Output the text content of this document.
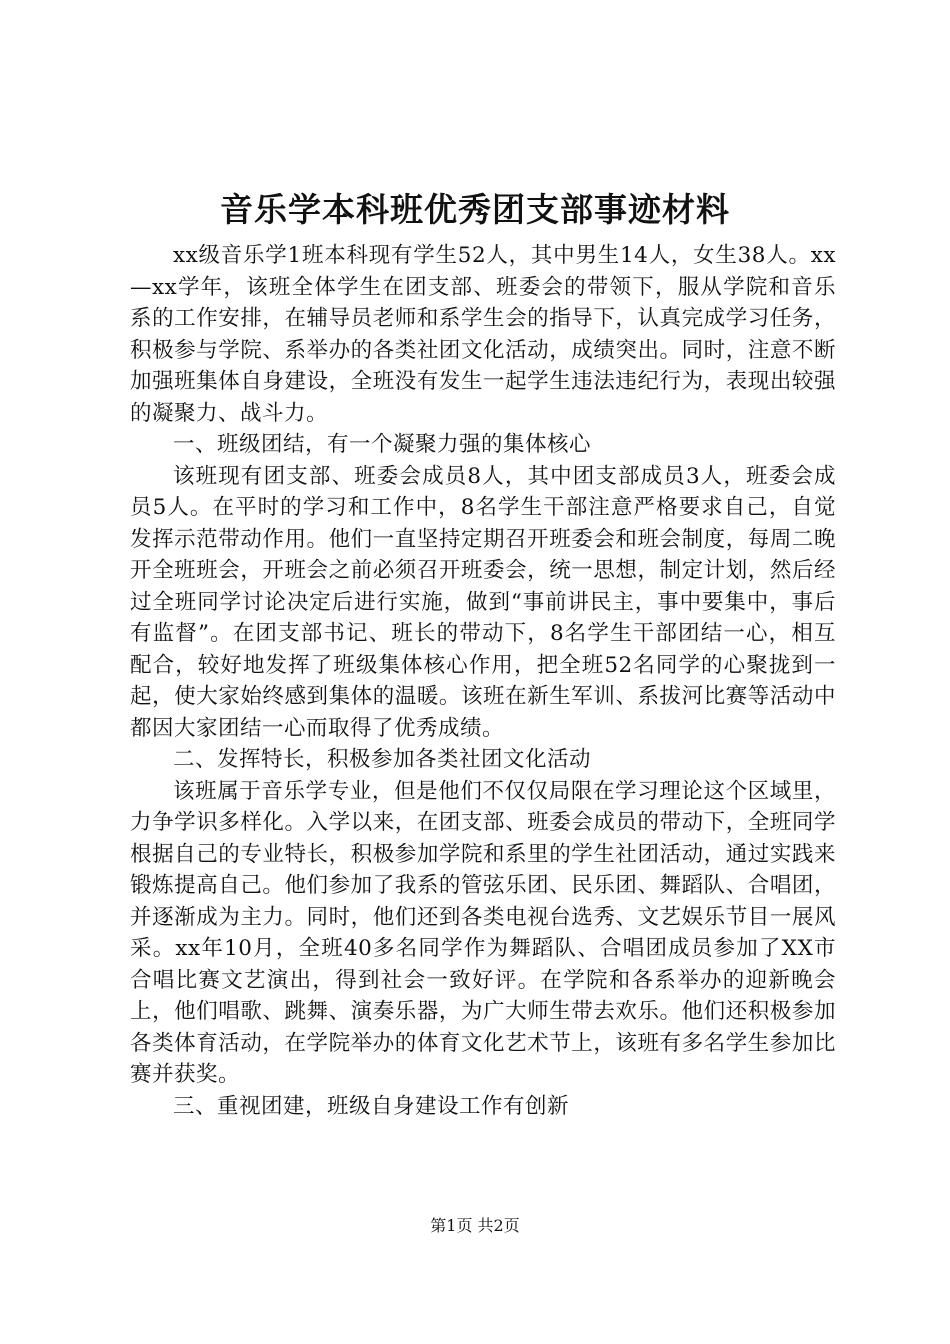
音乐学本科班优秀团支部事迹材料

xx级音乐学1班本科现有学生52人，其中男生14人，女生38人。xx—xx学年，该班全体学生在团支部、班委会的带领下，服从学院和音乐系的工作安排，在辅导员老师和系学生会的指导下，认真完成学习任务，积极参与学院、系举办的各类社团文化活动，成绩突出。同时，注意不断加强班集体自身建设，全班没有发生一起学生违法违纪行为，表现出较强的凝聚力、战斗力。

一、班级团结，有一个凝聚力强的集体核心

该班现有团支部、班委会成员8人，其中团支部成员3人，班委会成员5人。在平时的学习和工作中，8名学生干部注意严格要求自己，自觉发挥示范带动作用。他们一直坚持定期召开班委会和班会制度，每周二晚开全班班会，开班会之前必须召开班委会，统一思想，制定计划，然后经过全班同学讨论决定后进行实施，做到“事前讲民主，事中要集中，事后有监督”。在团支部书记、班长的带动下，8名学生干部团结一心，相互配合，较好地发挥了班级集体核心作用，把全班52名同学的心聚拢到一起，使大家始终感到集体的温暖。该班在新生军训、系拔河比赛等活动中都因大家团结一心而取得了优秀成绩。

二、发挥特长，积极参加各类社团文化活动

该班属于音乐学专业，但是他们不仅仅局限在学习理论这个区域里，力争学识多样化。入学以来，在团支部、班委会成员的带动下，全班同学根据自己的专业特长，积极参加学院和系里的学生社团活动，通过实践来锻炼提高自己。他们参加了我系的管弦乐团、民乐团、舞蹈队、合唱团，并逐渐成为主力。同时，他们还到各类电视台选秀、文艺娱乐节目一展风采。xx年10月，全班40多名同学作为舞蹈队、合唱团成员参加了XX市合唱比赛文艺演出，得到社会一致好评。在学院和各系举办的迎新晚会上，他们唱歌、跳舞、演奏乐器，为广大师生带去欢乐。他们还积极参加各类体育活动，在学院举办的体育文化艺术节上，该班有多名学生参加比赛并获奖。

三、重视团建，班级自身建设工作有创新

第1页 共2页
